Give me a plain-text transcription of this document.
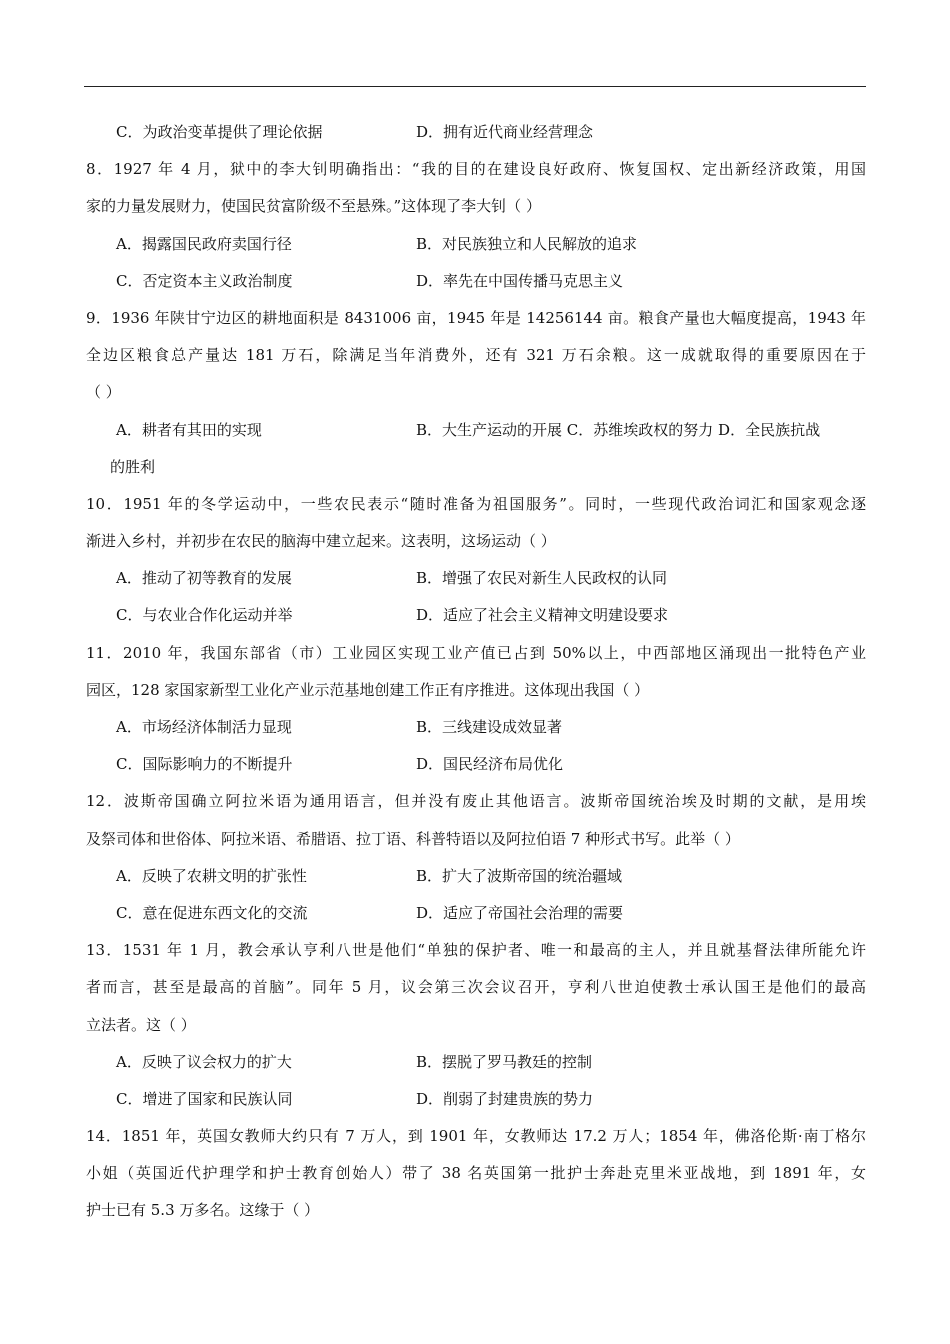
C．为政治变革提供了理论依据	D．拥有近代商业经营理念
8．1927 年 4 月，狱中的李大钊明确指出：“我的目的在建设良好政府、恢复国权、定出新经济政策，用国
家的力量发展财力，使国民贫富阶级不至悬殊。”这体现了李大钊（ ）
A．揭露国民政府卖国行径	B．对民族独立和人民解放的追求
C．否定资本主义政治制度	D．率先在中国传播马克思主义
9．1936 年陕甘宁边区的耕地面积是 8431006 亩，1945 年是 14256144 亩。粮食产量也大幅度提高，1943 年
全边区粮食总产量达 181 万石，除满足当年消费外，还有 321 万石余粮。这一成就取得的重要原因在于
（ ）
A．耕者有其田的实现	B．大生产运动的开展 C．苏维埃政权的努力 D．全民族抗战
的胜利
10．1951 年的冬学运动中，一些农民表示“随时准备为祖国服务”。同时，一些现代政治词汇和国家观念逐
渐进入乡村，并初步在农民的脑海中建立起来。这表明，这场运动（ ）
A．推动了初等教育的发展	B．增强了农民对新生人民政权的认同
C．与农业合作化运动并举	D．适应了社会主义精神文明建设要求
11．2010 年，我国东部省（市）工业园区实现工业产值已占到 50%以上，中西部地区涌现出一批特色产业
园区，128 家国家新型工业化产业示范基地创建工作正有序推进。这体现出我国（ ）
A．市场经济体制活力显现	B．三线建设成效显著
C．国际影响力的不断提升	D．国民经济布局优化
12．波斯帝国确立阿拉米语为通用语言，但并没有废止其他语言。波斯帝国统治埃及时期的文献，是用埃
及祭司体和世俗体、阿拉米语、希腊语、拉丁语、科普特语以及阿拉伯语 7 种形式书写。此举（ ）
A．反映了农耕文明的扩张性	B．扩大了波斯帝国的统治疆域
C．意在促进东西文化的交流	D．适应了帝国社会治理的需要
13．1531 年 1 月，教会承认亨利八世是他们“单独的保护者、唯一和最高的主人，并且就基督法律所能允许
者而言，甚至是最高的首脑”。同年 5 月，议会第三次会议召开，亨利八世迫使教士承认国王是他们的最高
立法者。这（ ）
A．反映了议会权力的扩大	B．摆脱了罗马教廷的控制
C．增进了国家和民族认同	D．削弱了封建贵族的势力
14．1851 年，英国女教师大约只有 7 万人，到 1901 年，女教师达 17.2 万人；1854 年，佛洛伦斯·南丁格尔
小姐（英国近代护理学和护士教育创始人）带了 38 名英国第一批护士奔赴克里米亚战地，到 1891 年，女
护士已有 5.3 万多名。这缘于（ ）
